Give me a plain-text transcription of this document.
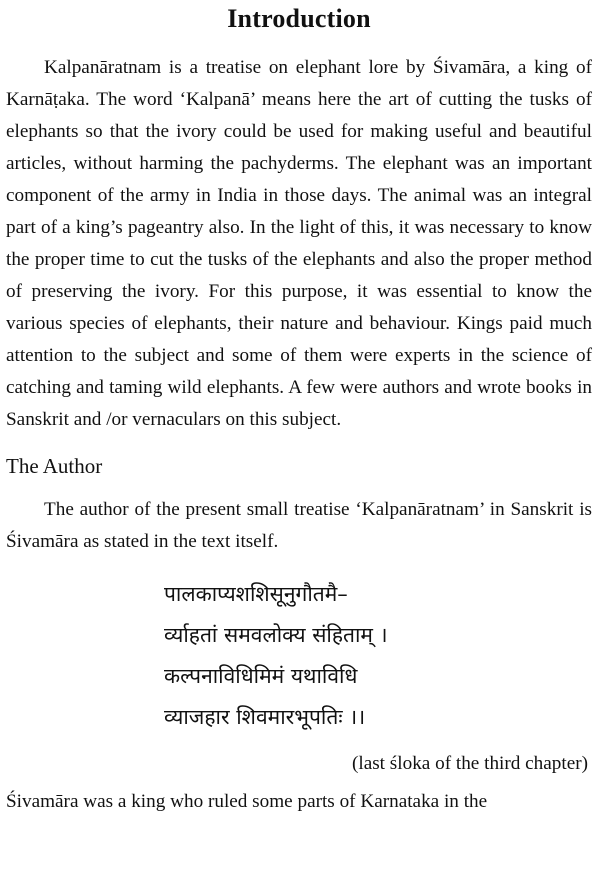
Introduction

Kalpanāratnam is a treatise on elephant lore by Śivamāra, a king of Karnāṭaka. The word ‘Kalpanā’ means here the art of cutting the tusks of elephants so that the ivory could be used for making useful and beautiful articles, without harming the pachyderms. The elephant was an important component of the army in India in those days. The animal was an integral part of a king’s pageantry also. In the light of this, it was necessary to know the proper time to cut the tusks of the elephants and also the proper method of preserving the ivory. For this purpose, it was essential to know the various species of elephants, their nature and behaviour. Kings paid much attention to the subject and some of them were experts in the science of catching and taming wild elephants. A few were authors and wrote books in Sanskrit and /or vernaculars on this subject.

The Author

The author of the present small treatise ‘Kalpanāratnam’ in Sanskrit is Śivamāra as stated in the text itself.

पालकाप्यशशिसूनुगौतमै–
र्व्याहतां समवलोक्य संहिताम् ।
कल्पनाविधिमिमं यथाविधि
व्याजहार शिवमारभूपतिः ।।
(last śloka of the third chapter)

Śivamāra was a king who ruled some parts of Karnataka in the
